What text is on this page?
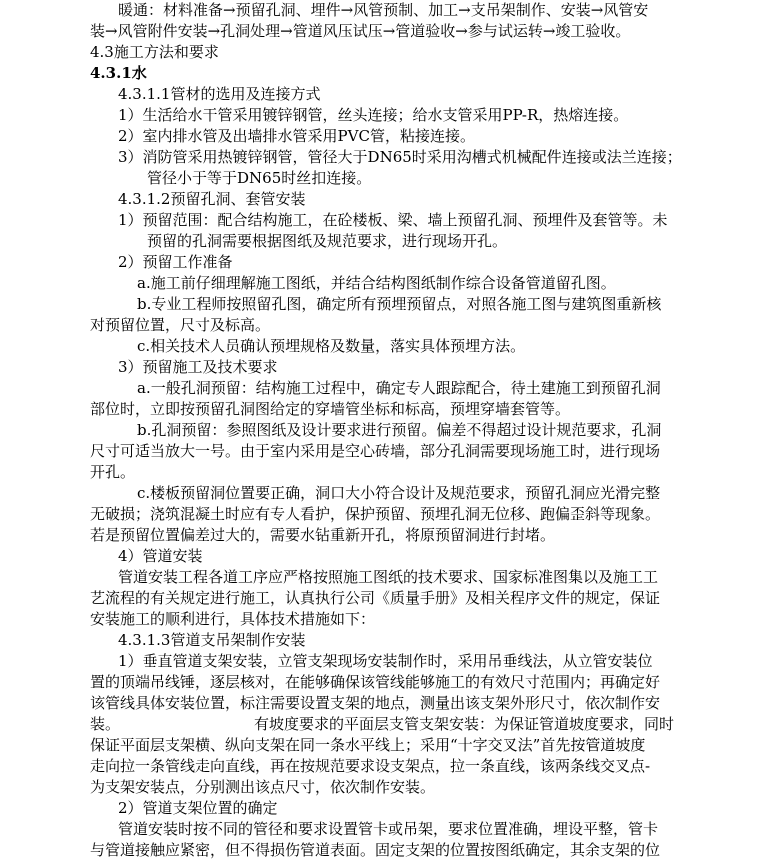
暖通：材料准备→预留孔洞、埋件→风管预制、加工→支吊架制作、安装→风管安
装→风管附件安装→孔洞处理→管道风压试压→管道验收→参与试运转→竣工验收。
4.3施工方法和要求
4.3.1水
4.3.1.1管材的选用及连接方式
1）生活给水干管采用镀锌钢管，丝头连接；给水支管采用PP-R，热熔连接。
2）室内排水管及出墙排水管采用PVC管，粘接连接。
3）消防管采用热镀锌钢管，管径大于DN65时采用沟槽式机械配件连接或法兰连接；
管径小于等于DN65时丝扣连接。
4.3.1.2预留孔洞、套管安装
1）预留范围：配合结构施工，在砼楼板、梁、墙上预留孔洞、预埋件及套管等。未
预留的孔洞需要根据图纸及规范要求，进行现场开孔。
2）预留工作准备
a.施工前仔细理解施工图纸，并结合结构图纸制作综合设备管道留孔图。
b.专业工程师按照留孔图，确定所有预埋预留点，对照各施工图与建筑图重新核
对预留位置，尺寸及标高。
c.相关技术人员确认预埋规格及数量，落实具体预埋方法。
3）预留施工及技术要求
a.一般孔洞预留：结构施工过程中，确定专人跟踪配合，待土建施工到预留孔洞
部位时，立即按预留孔洞图给定的穿墙管坐标和标高，预埋穿墙套管等。
b.孔洞预留：参照图纸及设计要求进行预留。偏差不得超过设计规范要求，孔洞
尺寸可适当放大一号。由于室内采用是空心砖墙，部分孔洞需要现场施工时，进行现场
开孔。
c.楼板预留洞位置要正确，洞口大小符合设计及规范要求，预留孔洞应光滑完整
无破损；浇筑混凝土时应有专人看护，保护预留、预埋孔洞无位移、跑偏歪斜等现象。
若是预留位置偏差过大的，需要水钻重新开孔，将原预留洞进行封堵。
4）管道安装
管道安装工程各道工序应严格按照施工图纸的技术要求、国家标准图集以及施工工
艺流程的有关规定进行施工，认真执行公司《质量手册》及相关程序文件的规定，保证
安装施工的顺利进行，具体技术措施如下：
4.3.1.3管道支吊架制作安装
1）垂直管道支架安装，立管支架现场安装制作时，采用吊垂线法，从立管安装位
置的顶端吊线锤，逐层核对，在能够确保该管线能够施工的有效尺寸范围内；再确定好
该管线具体安装位置，标注需要设置支架的地点，测量出该支架外形尺寸，依次制作安
装。	有坡度要求的平面层支管支架安装：为保证管道坡度要求，同时
保证平面层支架横、纵向支架在同一条水平线上；采用“十字交叉法”首先按管道坡度
走向拉一条管线走向直线，再在按规范要求设支架点，拉一条直线，该两条线交叉点-
为支架安装点，分别测出该点尺寸，依次制作安装。
2）管道支架位置的确定
管道安装时按不同的管径和要求设置管卡或吊架，要求位置准确，埋设平整，管卡
与管道接触应紧密，但不得损伤管道表面。固定支架的位置按图纸确定，其余支架的位
